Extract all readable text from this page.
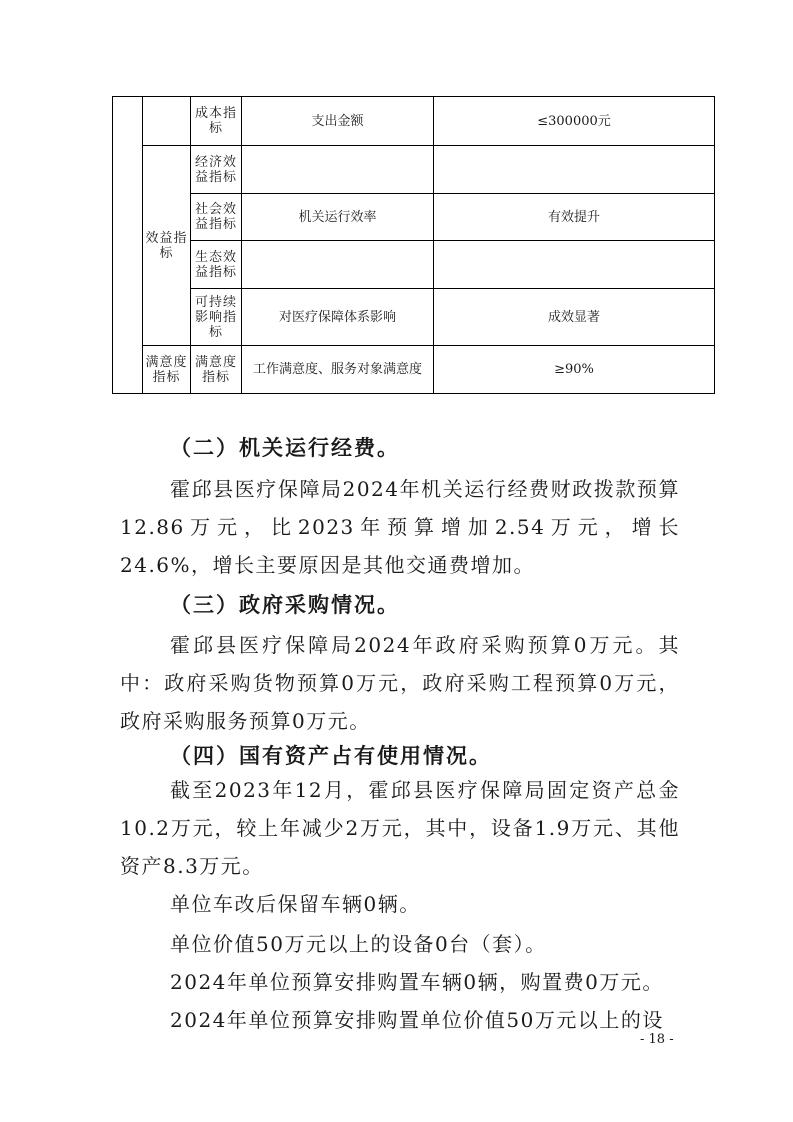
		成本指标	支出金额	≤300000元
	效益指标	经济效益指标		
		社会效益指标	机关运行效率	有效提升
		生态效益指标		
		可持续影响指标	对医疗保障体系影响	成效显著
	满意度指标	满意度指标	工作满意度、服务对象满意度	≥90%
（二）机关运行经费。

霍邱县医疗保障局2024年机关运行经费财政拨款预算12.86万元，比2023年预算增加2.54万元，增长24.6%，增长主要原因是其他交通费增加。

（三）政府采购情况。

霍邱县医疗保障局2024年政府采购预算0万元。其中：政府采购货物预算0万元，政府采购工程预算0万元，政府采购服务预算0万元。

（四）国有资产占有使用情况。

截至2023年12月，霍邱县医疗保障局固定资产总金10.2万元，较上年减少2万元，其中，设备1.9万元、其他资产8.3万元。

单位车改后保留车辆0辆。
单位价值50万元以上的设备0台（套）。
2024年单位预算安排购置车辆0辆，购置费0万元。
2024年单位预算安排购置单位价值50万元以上的设
- 18 -
